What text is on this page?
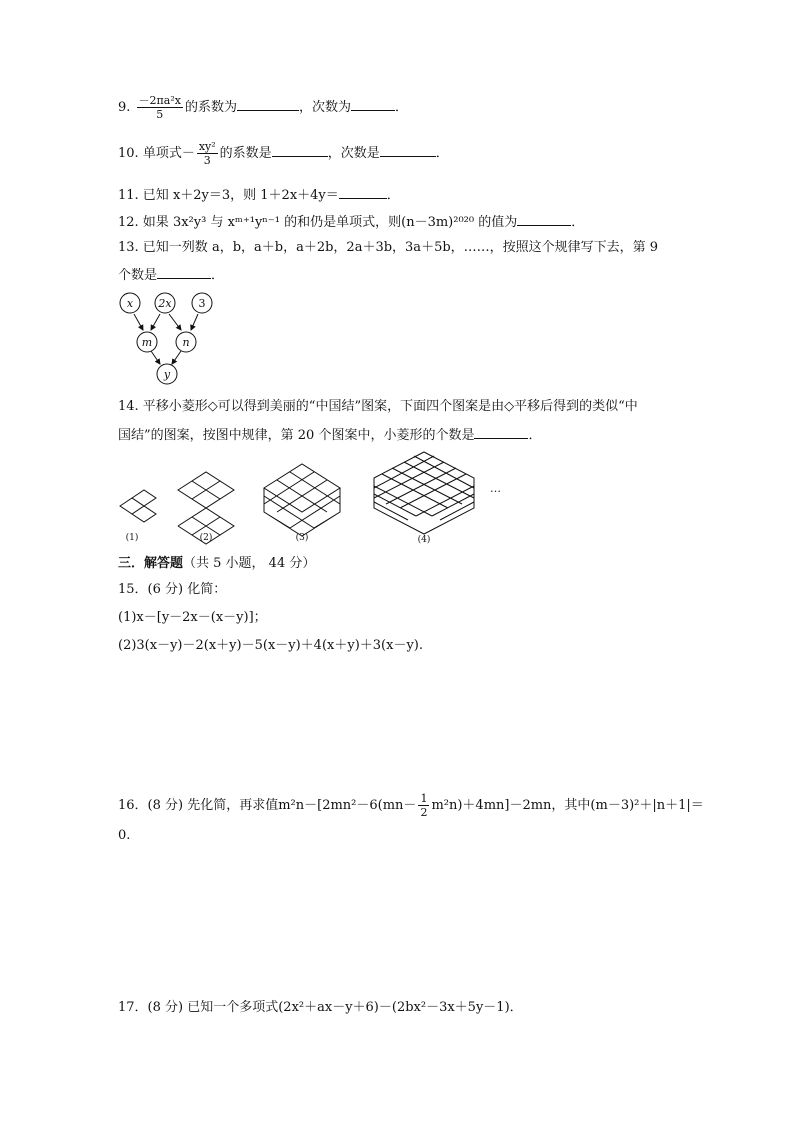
9. $\frac{\text{－2πa²x}}{5}$ 的系数为	，次数为	．
10. 单项式－ $\frac{\text{xy²}}{3}$ 的系数是	，次数是	．
11. 已知 x＋2y＝3，则 1＋2x＋4y＝	．
12. 如果 3x²y³ 与 xᵐ⁺¹yⁿ⁻¹ 的和仍是单项式，则(n－3m)²⁰²⁰ 的值为	．
13. 已知一列数 a，b，a＋b，a＋2b，2a＋3b，3a＋5b，……，按照这个规律写下去，第 9
个数是	．
x 2x 3
m	n
y
14. 平移小菱形◇可以得到美丽的“中国结”图案，下面四个图案是由◇平移后得到的类似“中
国结”的图案，按图中规律，第 20 个图案中，小菱形的个数是	．
(1)	(2)	(3)	(4)
…
三．解答题（共 5 小题， 44 分）
15．(6 分) 化简：
(1)x－[y－2x－(x－y)]；
(2)3(x－y)－2(x＋y)－5(x－y)＋4(x＋y)＋3(x－y).
16．(8 分) 先化简，再求值$m^2n-[2mn^2-6(mn- \frac{1}{2} m^2n)+4mn]-2mn$，其中(m－3)²＋|n＋1|＝
0.
17．(8 分) 已知一个多项式(2x²＋ax－y＋6)－(2bx²－3x＋5y－1)．
